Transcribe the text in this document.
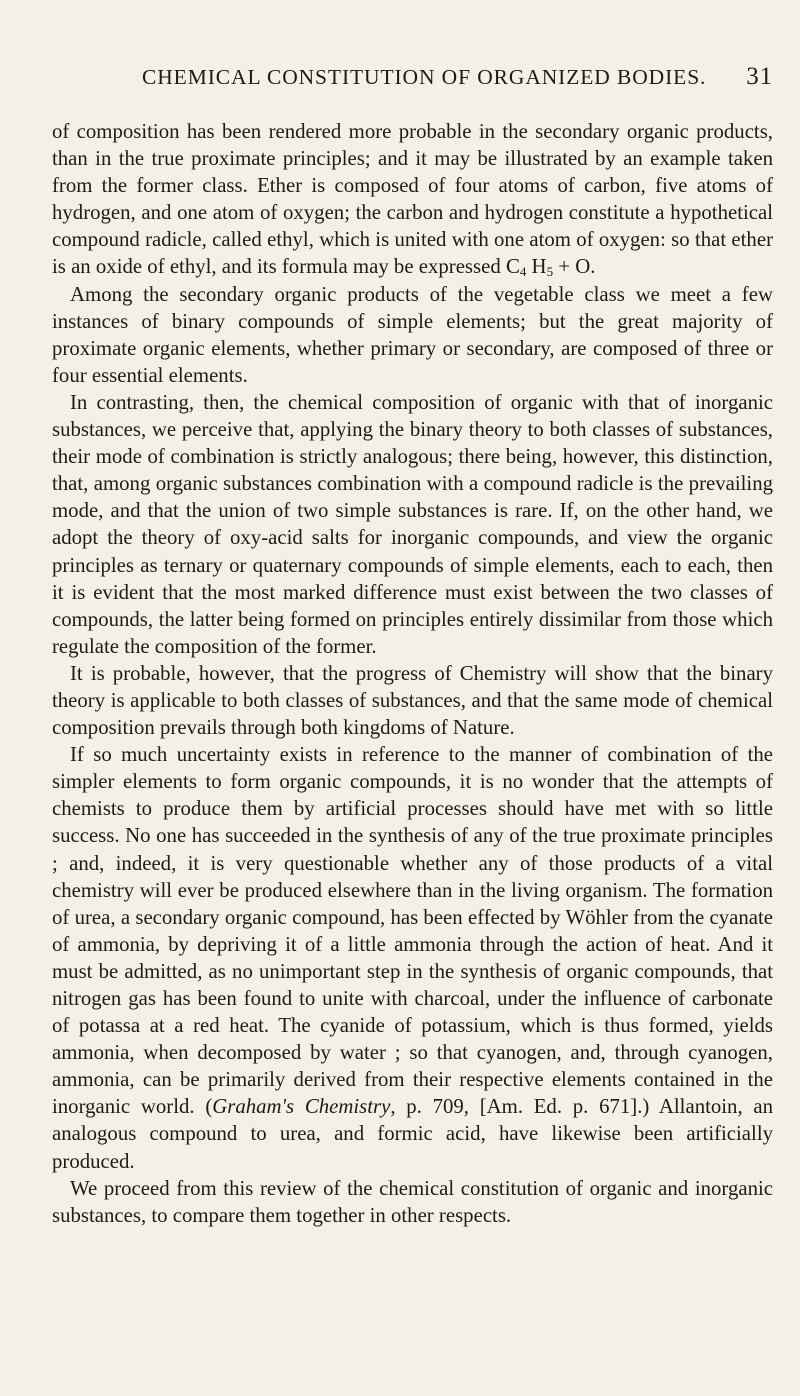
CHEMICAL CONSTITUTION OF ORGANIZED BODIES. 31

of composition has been rendered more probable in the secondary organic products, than in the true proximate principles; and it may be illustrated by an example taken from the former class. Ether is composed of four atoms of carbon, five atoms of hydrogen, and one atom of oxygen; the carbon and hydrogen constitute a hypothetical compound radicle, called ethyl, which is united with one atom of oxygen: so that ether is an oxide of ethyl, and its formula may be expressed $C_4$ $H_5 + O$.

Among the secondary organic products of the vegetable class we meet a few instances of binary compounds of simple elements; but the great majority of proximate organic elements, whether primary or secondary, are composed of three or four essential elements.

In contrasting, then, the chemical composition of organic with that of inorganic substances, we perceive that, applying the binary theory to both classes of substances, their mode of combination is strictly analogous; there being, however, this distinction, that, among organic substances combination with a compound radicle is the prevailing mode, and that the union of two simple substances is rare. If, on the other hand, we adopt the theory of oxy-acid salts for inorganic compounds, and view the organic principles as ternary or quaternary compounds of simple elements, each to each, then it is evident that the most marked difference must exist between the two classes of compounds, the latter being formed on principles entirely dissimilar from those which regulate the composition of the former.

It is probable, however, that the progress of Chemistry will show that the binary theory is applicable to both classes of substances, and that the same mode of chemical composition prevails through both kingdoms of Nature.

If so much uncertainty exists in reference to the manner of combination of the simpler elements to form organic compounds, it is no wonder that the attempts of chemists to produce them by artificial processes should have met with so little success. No one has succeeded in the synthesis of any of the true proximate principles ; and, indeed, it is very questionable whether any of those products of a vital chemistry will ever be produced elsewhere than in the living organism. The formation of urea, a secondary organic compound, has been effected by Wöhler from the cyanate of ammonia, by depriving it of a little ammonia through the action of heat. And it must be admitted, as no unimportant step in the synthesis of organic compounds, that nitrogen gas has been found to unite with charcoal, under the influence of carbonate of potassa at a red heat. The cyanide of potassium, which is thus formed, yields ammonia, when decomposed by water ; so that cyanogen, and, through cyanogen, ammonia, can be primarily derived from their respective elements contained in the inorganic world. (Graham's Chemistry, p. 709, [Am. Ed. p. 671].) Allantoin, an analogous compound to urea, and formic acid, have likewise been artificially produced.

We proceed from this review of the chemical constitution of organic and inorganic substances, to compare them together in other respects.
